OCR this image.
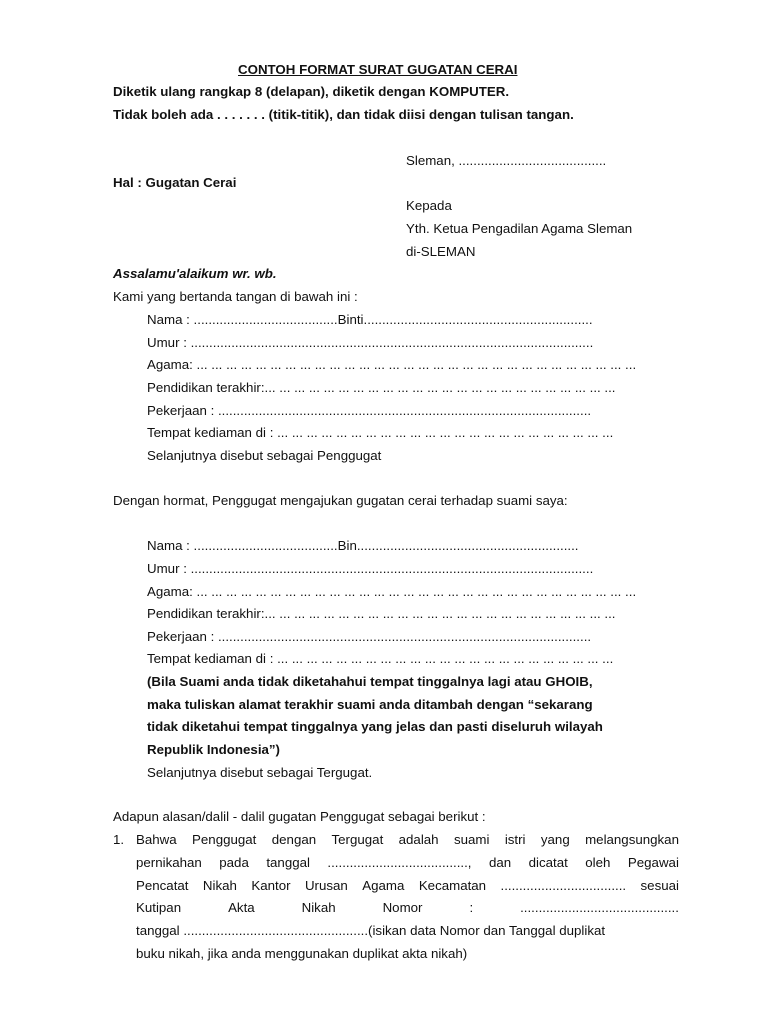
CONTOH FORMAT SURAT GUGATAN CERAI
Diketik ulang rangkap 8 (delapan), diketik dengan KOMPUTER.
Tidak boleh ada . . . . . . . (titik-titik), dan tidak diisi dengan tulisan tangan.
Sleman, ........................................
Hal : Gugatan Cerai
Kepada
Yth. Ketua Pengadilan Agama Sleman
di-SLEMAN
Assalamu'alaikum wr. wb.
Kami yang bertanda tangan di bawah ini :
Nama : .......................................Binti..............................................................
Umur : .............................................................................................................
Agama: ... ... ... ... ... ... ... ... ... ... ... ... ... ... ... ... ... ... ... ... ... ... ... ... ... ... ... ... ... ...
Pendidikan terakhir:... ... ... ... ... ... ... ... ... ... ... ... ... ... ... ... ... ... ... ... ... ... ... ...
Pekerjaan : .....................................................................................................
Tempat kediaman di : ... ... ... ... ... ... ... ... ... ... ... ... ... ... ... ... ... ... ... ... ... ... ...
Selanjutnya disebut sebagai Penggugat
Dengan hormat, Penggugat mengajukan gugatan cerai terhadap suami saya:
Nama : .......................................Bin............................................................
Umur : .............................................................................................................
Agama: ... ... ... ... ... ... ... ... ... ... ... ... ... ... ... ... ... ... ... ... ... ... ... ... ... ... ... ... ... ...
Pendidikan terakhir:... ... ... ... ... ... ... ... ... ... ... ... ... ... ... ... ... ... ... ... ... ... ... ...
Pekerjaan : .....................................................................................................
Tempat kediaman di : ... ... ... ... ... ... ... ... ... ... ... ... ... ... ... ... ... ... ... ... ... ... ...
(Bila Suami anda tidak diketahahui tempat tinggalnya lagi atau GHOIB,
maka tuliskan alamat terakhir suami anda ditambah dengan “sekarang
tidak diketahui tempat tinggalnya yang jelas dan pasti diseluruh wilayah
Republik Indonesia”)
Selanjutnya disebut sebagai Tergugat.
Adapun alasan/dalil - dalil gugatan Penggugat sebagai berikut :
1. Bahwa Penggugat dengan Tergugat adalah suami istri yang melangsungkan
pernikahan pada tanggal ......................................, dan dicatat oleh Pegawai
Pencatat Nikah Kantor Urusan Agama Kecamatan .................................. sesuai
Kutipan	Akta	Nikah	Nomor	:	...........................................
tanggal ..................................................(isikan data Nomor dan Tanggal duplikat
buku nikah, jika anda menggunakan duplikat akta nikah)
